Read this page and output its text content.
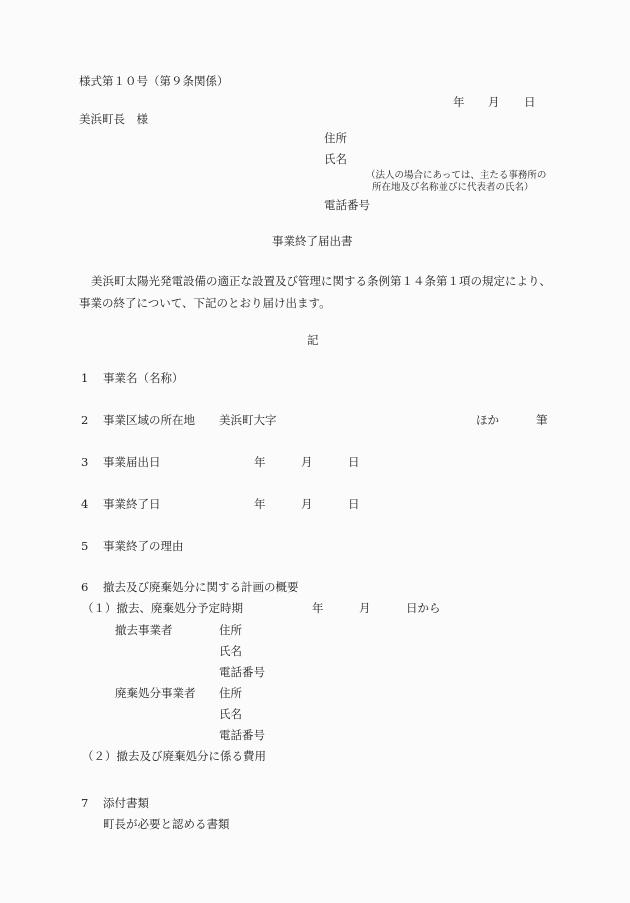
様式第１０号（第９条関係）
年 月 日
美浜町長　様
住所
氏名
（法人の場合にあっては、主たる事務所の
所在地及び名称並びに代表者の氏名）
電話番号
事業終了届出書
美浜町太陽光発電設備の適正な設置及び管理に関する条例第１４条第１項の規定により、
事業の終了について、下記のとおり届け出ます。
記
1 事業名（名称）
2 事業区域の所在地 美浜町大字	ほか	筆
3 事業届出日	年	月	日
4 事業終了日	年	月	日
5 事業終了の理由
6 撤去及び廃棄処分に関する計画の概要
（１）撤去、廃棄処分予定時期	年	月	日から
撤去事業者	住所
氏名
電話番号
廃棄処分事業者 住所
氏名
電話番号
（２）撤去及び廃棄処分に係る費用
7 添付書類
町長が必要と認める書類
